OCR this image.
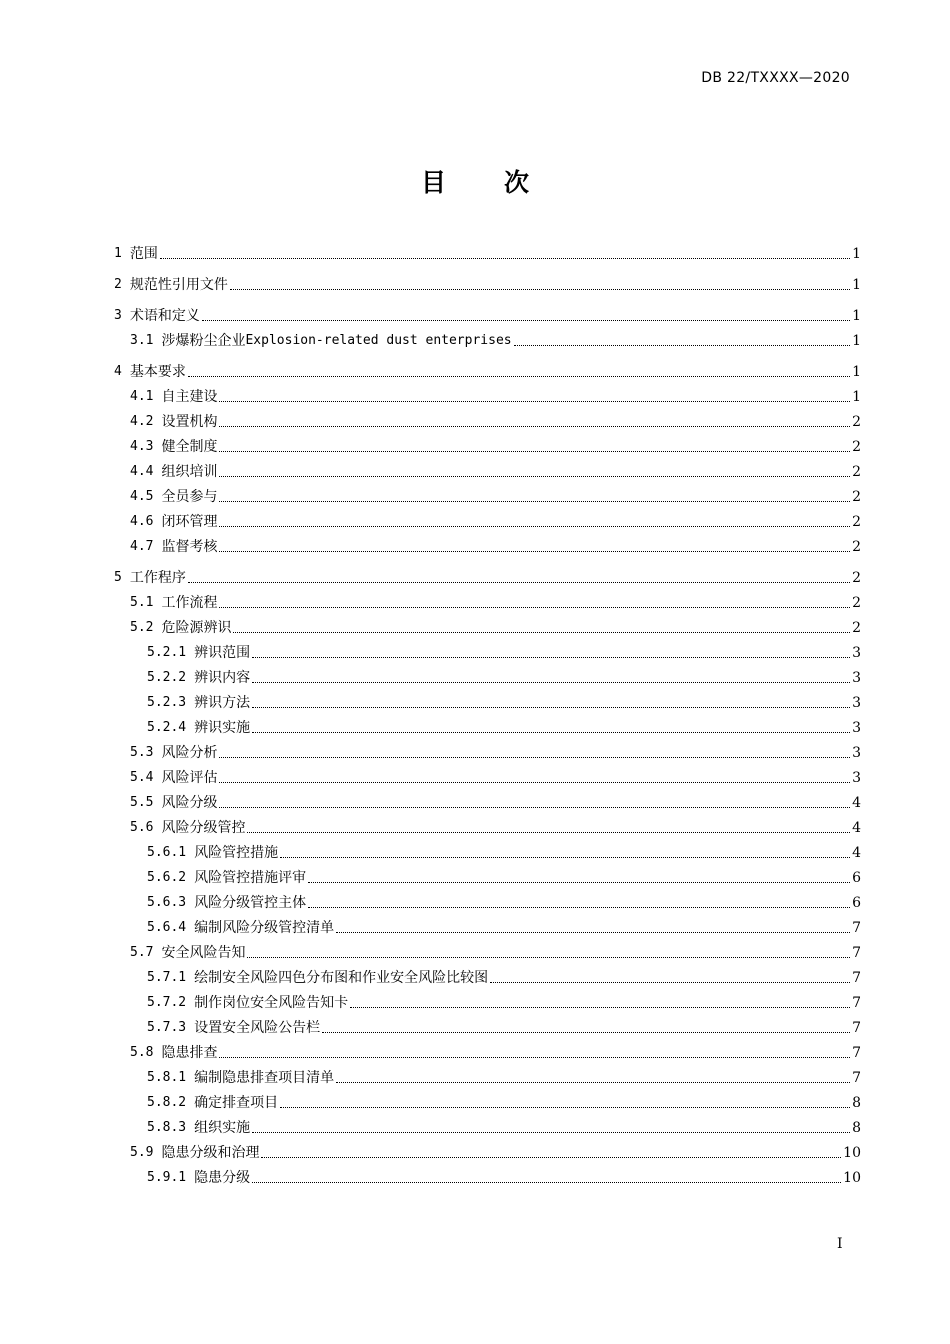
DB 22/TXXXX—2020
目 次
1 范围	1
2 规范性引用文件	1
3 术语和定义	1
3.1 涉爆粉尘企业 Explosion-related dust enterprises	1
4 基本要求	1
4.1 自主建设	1
4.2 设置机构	2
4.3 健全制度	2
4.4 组织培训	2
4.5 全员参与	2
4.6 闭环管理	2
4.7 监督考核	2
5 工作程序	2
5.1 工作流程	2
5.2 危险源辨识	2
5.2.1 辨识范围	3
5.2.2 辨识内容	3
5.2.3 辨识方法	3
5.2.4 辨识实施	3
5.3 风险分析	3
5.4 风险评估	3
5.5 风险分级	4
5.6 风险分级管控	4
5.6.1 风险管控措施	4
5.6.2 风险管控措施评审	6
5.6.3 风险分级管控主体	6
5.6.4 编制风险分级管控清单	7
5.7 安全风险告知	7
5.7.1 绘制安全风险四色分布图和作业安全风险比较图	7
5.7.2 制作岗位安全风险告知卡	7
5.7.3 设置安全风险公告栏	7
5.8 隐患排查	7
5.8.1 编制隐患排查项目清单	7
5.8.2 确定排查项目	8
5.8.3 组织实施	8
5.9 隐患分级和治理	10
5.9.1 隐患分级	10
I
